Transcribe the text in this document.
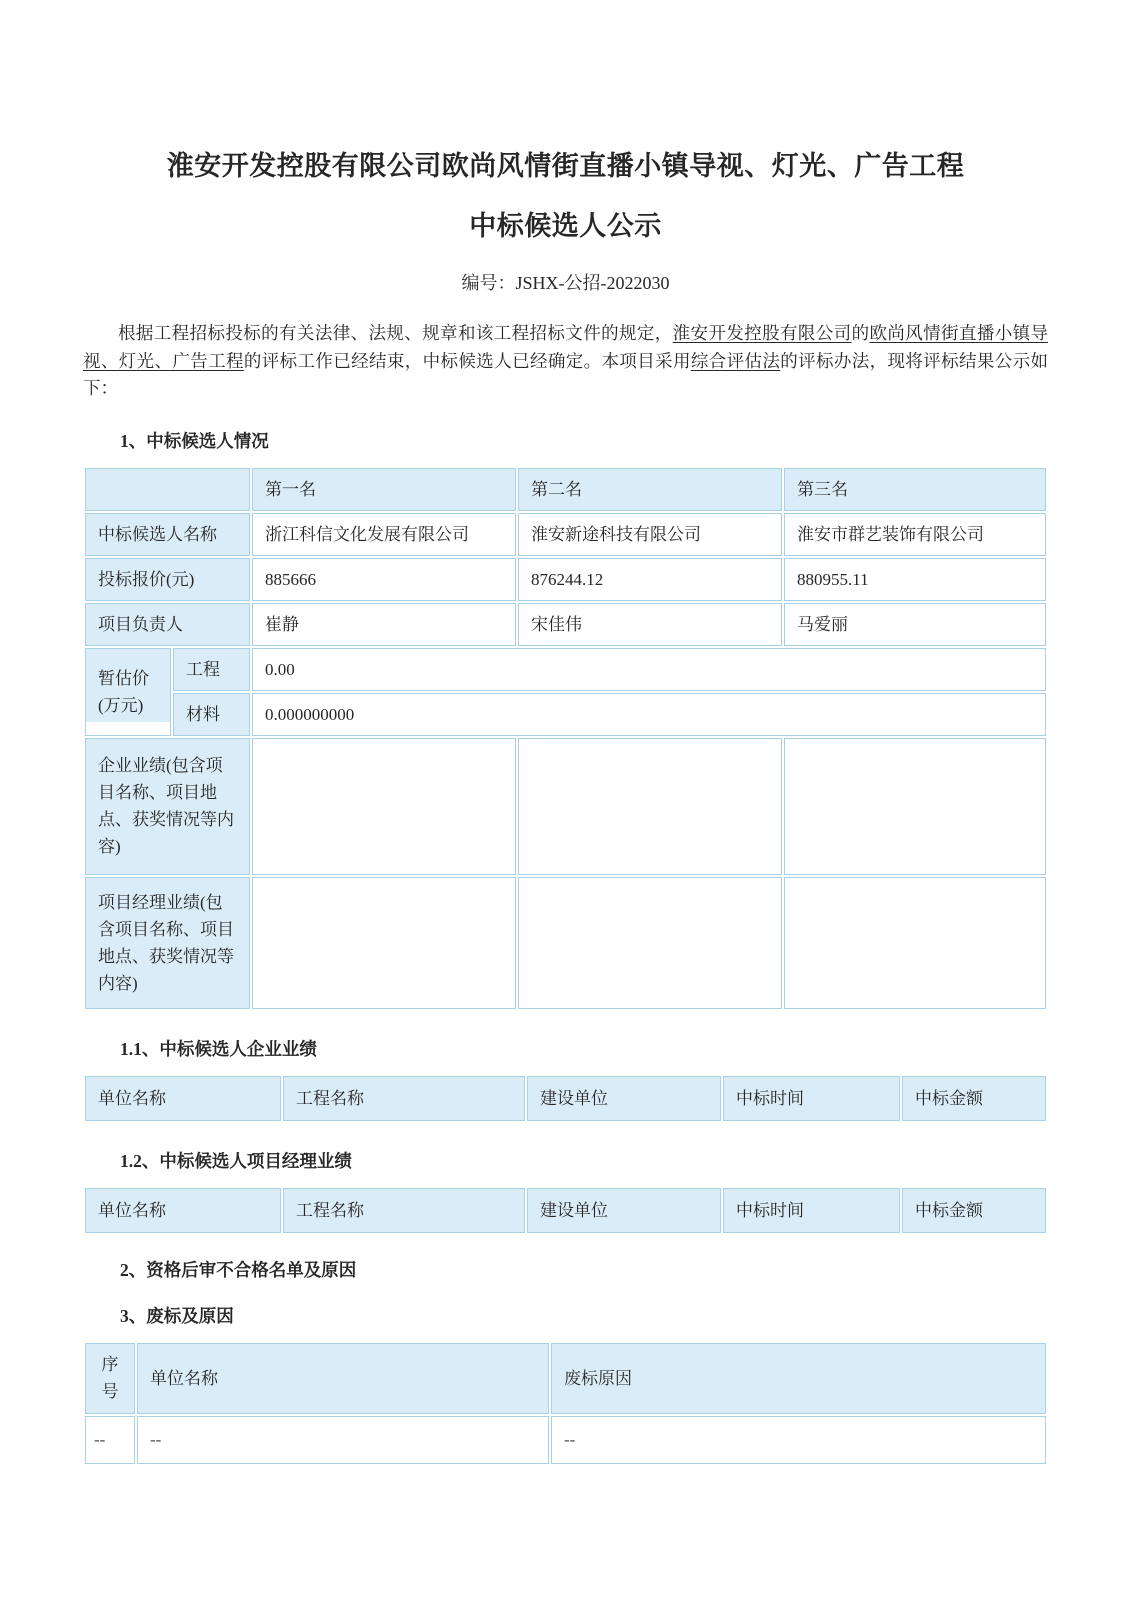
淮安开发控股有限公司欧尚风情街直播小镇导视、灯光、广告工程
中标候选人公示

编号：JSHX-公招-2022030

根据工程招标投标的有关法律、法规、规章和该工程招标文件的规定，淮安开发控股有限公司的欧尚风情街直播小镇导视、灯光、广告工程的评标工作已经结束，中标候选人已经确定。本项目采用综合评估法的评标办法，现将评标结果公示如下：

1、中标候选人情况
		第一名	第二名	第三名
中标候选人名称		浙江科信文化发展有限公司	淮安新途科技有限公司	淮安市群艺装饰有限公司
投标报价(元)		885666	876244.12	880955.11
项目负责人		崔静	宋佳伟	马爱丽
暂估价 (万元)	工程	0.00		
	材料	0.000000000		
企业业绩(包含项目名称、项目地点、获奖情况等内容)				
项目经理业绩(包含项目名称、项目地点、获奖情况等内容)				
1.1、中标候选人企业业绩
单位名称	工程名称	建设单位	中标时间	中标金额
1.2、中标候选人项目经理业绩
单位名称	工程名称	建设单位	中标时间	中标金额
2、资格后审不合格名单及原因
3、废标及原因
序号	单位名称	废标原因
--	--	--
